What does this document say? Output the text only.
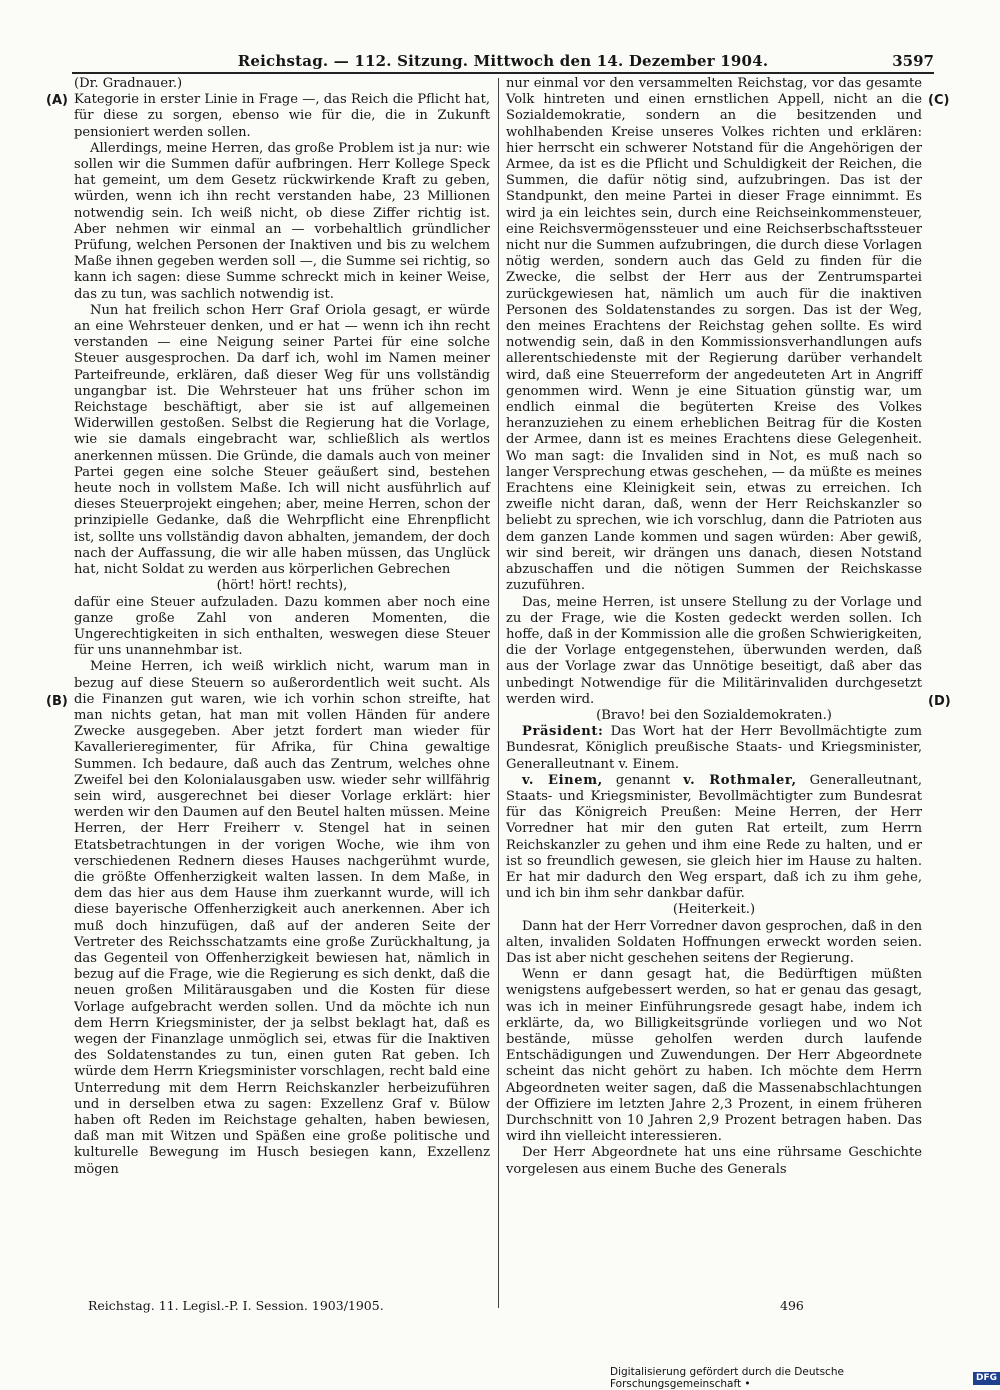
Reichstag. — 112. Sitzung. Mittwoch den 14. Dezember 1904.	3597
(A)
(B)
(C)
(D)

(Dr. Gradnauer.)

Kategorie in erster Linie in Frage —, das Reich die Pflicht hat, für diese zu sorgen, ebenso wie für die, die in Zukunft pensioniert werden sollen.

Allerdings, meine Herren, das große Problem ist ja nur: wie sollen wir die Summen dafür aufbringen. Herr Kollege Speck hat gemeint, um dem Gesetz rückwirkende Kraft zu geben, würden, wenn ich ihn recht verstanden habe, 23 Millionen notwendig sein. Ich weiß nicht, ob diese Ziffer richtig ist. Aber nehmen wir einmal an — vorbehaltlich gründlicher Prüfung, welchen Personen der Inaktiven und bis zu welchem Maße ihnen gegeben werden soll —, die Summe sei richtig, so kann ich sagen: diese Summe schreckt mich in keiner Weise, das zu tun, was sachlich notwendig ist.

Nun hat freilich schon Herr Graf Oriola gesagt, er würde an eine Wehrsteuer denken, und er hat — wenn ich ihn recht verstanden — eine Neigung seiner Partei für eine solche Steuer ausgesprochen. Da darf ich, wohl im Namen meiner Parteifreunde, erklären, daß dieser Weg für uns vollständig ungangbar ist. Die Wehrsteuer hat uns früher schon im Reichstage beschäftigt, aber sie ist auf allgemeinen Widerwillen gestoßen. Selbst die Regierung hat die Vorlage, wie sie damals eingebracht war, schließlich als wertlos anerkennen müssen. Die Gründe, die damals auch von meiner Partei gegen eine solche Steuer geäußert sind, bestehen heute noch in vollstem Maße. Ich will nicht ausführlich auf dieses Steuerprojekt eingehen; aber, meine Herren, schon der prinzipielle Gedanke, daß die Wehrpflicht eine Ehrenpflicht ist, sollte uns vollständig davon abhalten, jemandem, der doch nach der Auffassung, die wir alle haben müssen, das Unglück hat, nicht Soldat zu werden aus körperlichen Gebrechen

(hört! hört! rechts),

dafür eine Steuer aufzuladen. Dazu kommen aber noch eine ganze große Zahl von anderen Momenten, die Ungerechtigkeiten in sich enthalten, weswegen diese Steuer für uns unannehmbar ist.

Meine Herren, ich weiß wirklich nicht, warum man in bezug auf diese Steuern so außerordentlich weit sucht. Als die Finanzen gut waren, wie ich vorhin schon streifte, hat man nichts getan, hat man mit vollen Händen für andere Zwecke ausgegeben. Aber jetzt fordert man wieder für Kavallerieregimenter, für Afrika, für China gewaltige Summen. Ich bedaure, daß auch das Zentrum, welches ohne Zweifel bei den Kolonialausgaben usw. wieder sehr willfährig sein wird, ausgerechnet bei dieser Vorlage erklärt: hier werden wir den Daumen auf den Beutel halten müssen. Meine Herren, der Herr Freiherr v. Stengel hat in seinen Etatsbetrachtungen in der vorigen Woche, wie ihm von verschiedenen Rednern dieses Hauses nachgerühmt wurde, die größte Offenherzigkeit walten lassen. In dem Maße, in dem das hier aus dem Hause ihm zuerkannt wurde, will ich diese bayerische Offenherzigkeit auch anerkennen. Aber ich muß doch hinzufügen, daß auf der anderen Seite der Vertreter des Reichsschatzamts eine große Zurückhaltung, ja das Gegenteil von Offenherzigkeit bewiesen hat, nämlich in bezug auf die Frage, wie die Regierung es sich denkt, daß die neuen großen Militärausgaben und die Kosten für diese Vorlage aufgebracht werden sollen. Und da möchte ich nun dem Herrn Kriegsminister, der ja selbst beklagt hat, daß es wegen der Finanzlage unmöglich sei, etwas für die Inaktiven des Soldatenstandes zu tun, einen guten Rat geben. Ich würde dem Herrn Kriegsminister vorschlagen, recht bald eine Unterredung mit dem Herrn Reichskanzler herbeizuführen und in derselben etwa zu sagen: Exzellenz Graf v. Bülow haben oft Reden im Reichstage gehalten, haben bewiesen, daß man mit Witzen und Späßen eine große politische und kulturelle Bewegung im Husch besiegen kann, Exzellenz mögen

nur einmal vor den versammelten Reichstag, vor das gesamte Volk hintreten und einen ernstlichen Appell, nicht an die Sozialdemokratie, sondern an die besitzenden und wohlhabenden Kreise unseres Volkes richten und erklären: hier herrscht ein schwerer Notstand für die Angehörigen der Armee, da ist es die Pflicht und Schuldigkeit der Reichen, die Summen, die dafür nötig sind, aufzubringen. Das ist der Standpunkt, den meine Partei in dieser Frage einnimmt. Es wird ja ein leichtes sein, durch eine Reichseinkommensteuer, eine Reichsvermögenssteuer und eine Reichserbschaftssteuer nicht nur die Summen aufzubringen, die durch diese Vorlagen nötig werden, sondern auch das Geld zu finden für die Zwecke, die selbst der Herr aus der Zentrumspartei zurückgewiesen hat, nämlich um auch für die inaktiven Personen des Soldatenstandes zu sorgen. Das ist der Weg, den meines Erachtens der Reichstag gehen sollte. Es wird notwendig sein, daß in den Kommissionsverhandlungen aufs allerentschiedenste mit der Regierung darüber verhandelt wird, daß eine Steuerreform der angedeuteten Art in Angriff genommen wird. Wenn je eine Situation günstig war, um endlich einmal die begüterten Kreise des Volkes heranzuziehen zu einem erheblichen Beitrag für die Kosten der Armee, dann ist es meines Erachtens diese Gelegenheit. Wo man sagt: die Invaliden sind in Not, es muß nach so langer Versprechung etwas geschehen, — da müßte es meines Erachtens eine Kleinigkeit sein, etwas zu erreichen. Ich zweifle nicht daran, daß, wenn der Herr Reichskanzler so beliebt zu sprechen, wie ich vorschlug, dann die Patrioten aus dem ganzen Lande kommen und sagen würden: Aber gewiß, wir sind bereit, wir drängen uns danach, diesen Notstand abzuschaffen und die nötigen Summen der Reichskasse zuzuführen.

Das, meine Herren, ist unsere Stellung zu der Vorlage und zu der Frage, wie die Kosten gedeckt werden sollen. Ich hoffe, daß in der Kommission alle die großen Schwierigkeiten, die der Vorlage entgegenstehen, überwunden werden, daß aus der Vorlage zwar das Unnötige beseitigt, daß aber das unbedingt Notwendige für die Militärinvaliden durchgesetzt werden wird.

(Bravo! bei den Sozialdemokraten.)

Präsident: Das Wort hat der Herr Bevollmächtigte zum Bundesrat, Königlich preußische Staats- und Kriegsminister, Generalleutnant v. Einem.

v. Einem, genannt v. Rothmaler, Generalleutnant, Staats- und Kriegsminister, Bevollmächtigter zum Bundesrat für das Königreich Preußen: Meine Herren, der Herr Vorredner hat mir den guten Rat erteilt, zum Herrn Reichskanzler zu gehen und ihm eine Rede zu halten, und er ist so freundlich gewesen, sie gleich hier im Hause zu halten. Er hat mir dadurch den Weg erspart, daß ich zu ihm gehe, und ich bin ihm sehr dankbar dafür.

(Heiterkeit.)

Dann hat der Herr Vorredner davon gesprochen, daß in den alten, invaliden Soldaten Hoffnungen erweckt worden seien. Das ist aber nicht geschehen seitens der Regierung.

Wenn er dann gesagt hat, die Bedürftigen müßten wenigstens aufgebessert werden, so hat er genau das gesagt, was ich in meiner Einführungsrede gesagt habe, indem ich erklärte, da, wo Billigkeitsgründe vorliegen und wo Not bestände, müsse geholfen werden durch laufende Entschädigungen und Zuwendungen. Der Herr Abgeordnete scheint das nicht gehört zu haben. Ich möchte dem Herrn Abgeordneten weiter sagen, daß die Massenabschlachtungen der Offiziere im letzten Jahre 2,3 Prozent, in einem früheren Durchschnitt von 10 Jahren 2,9 Prozent betragen haben. Das wird ihn vielleicht interessieren.

Der Herr Abgeordnete hat uns eine rührsame Geschichte vorgelesen aus einem Buche des Generals

Reichstag. 11. Legisl.-P. I. Session. 1903/1905.	496
Digitalisierung gefördert durch die Deutsche Forschungsgemeinschaft •
DFG
